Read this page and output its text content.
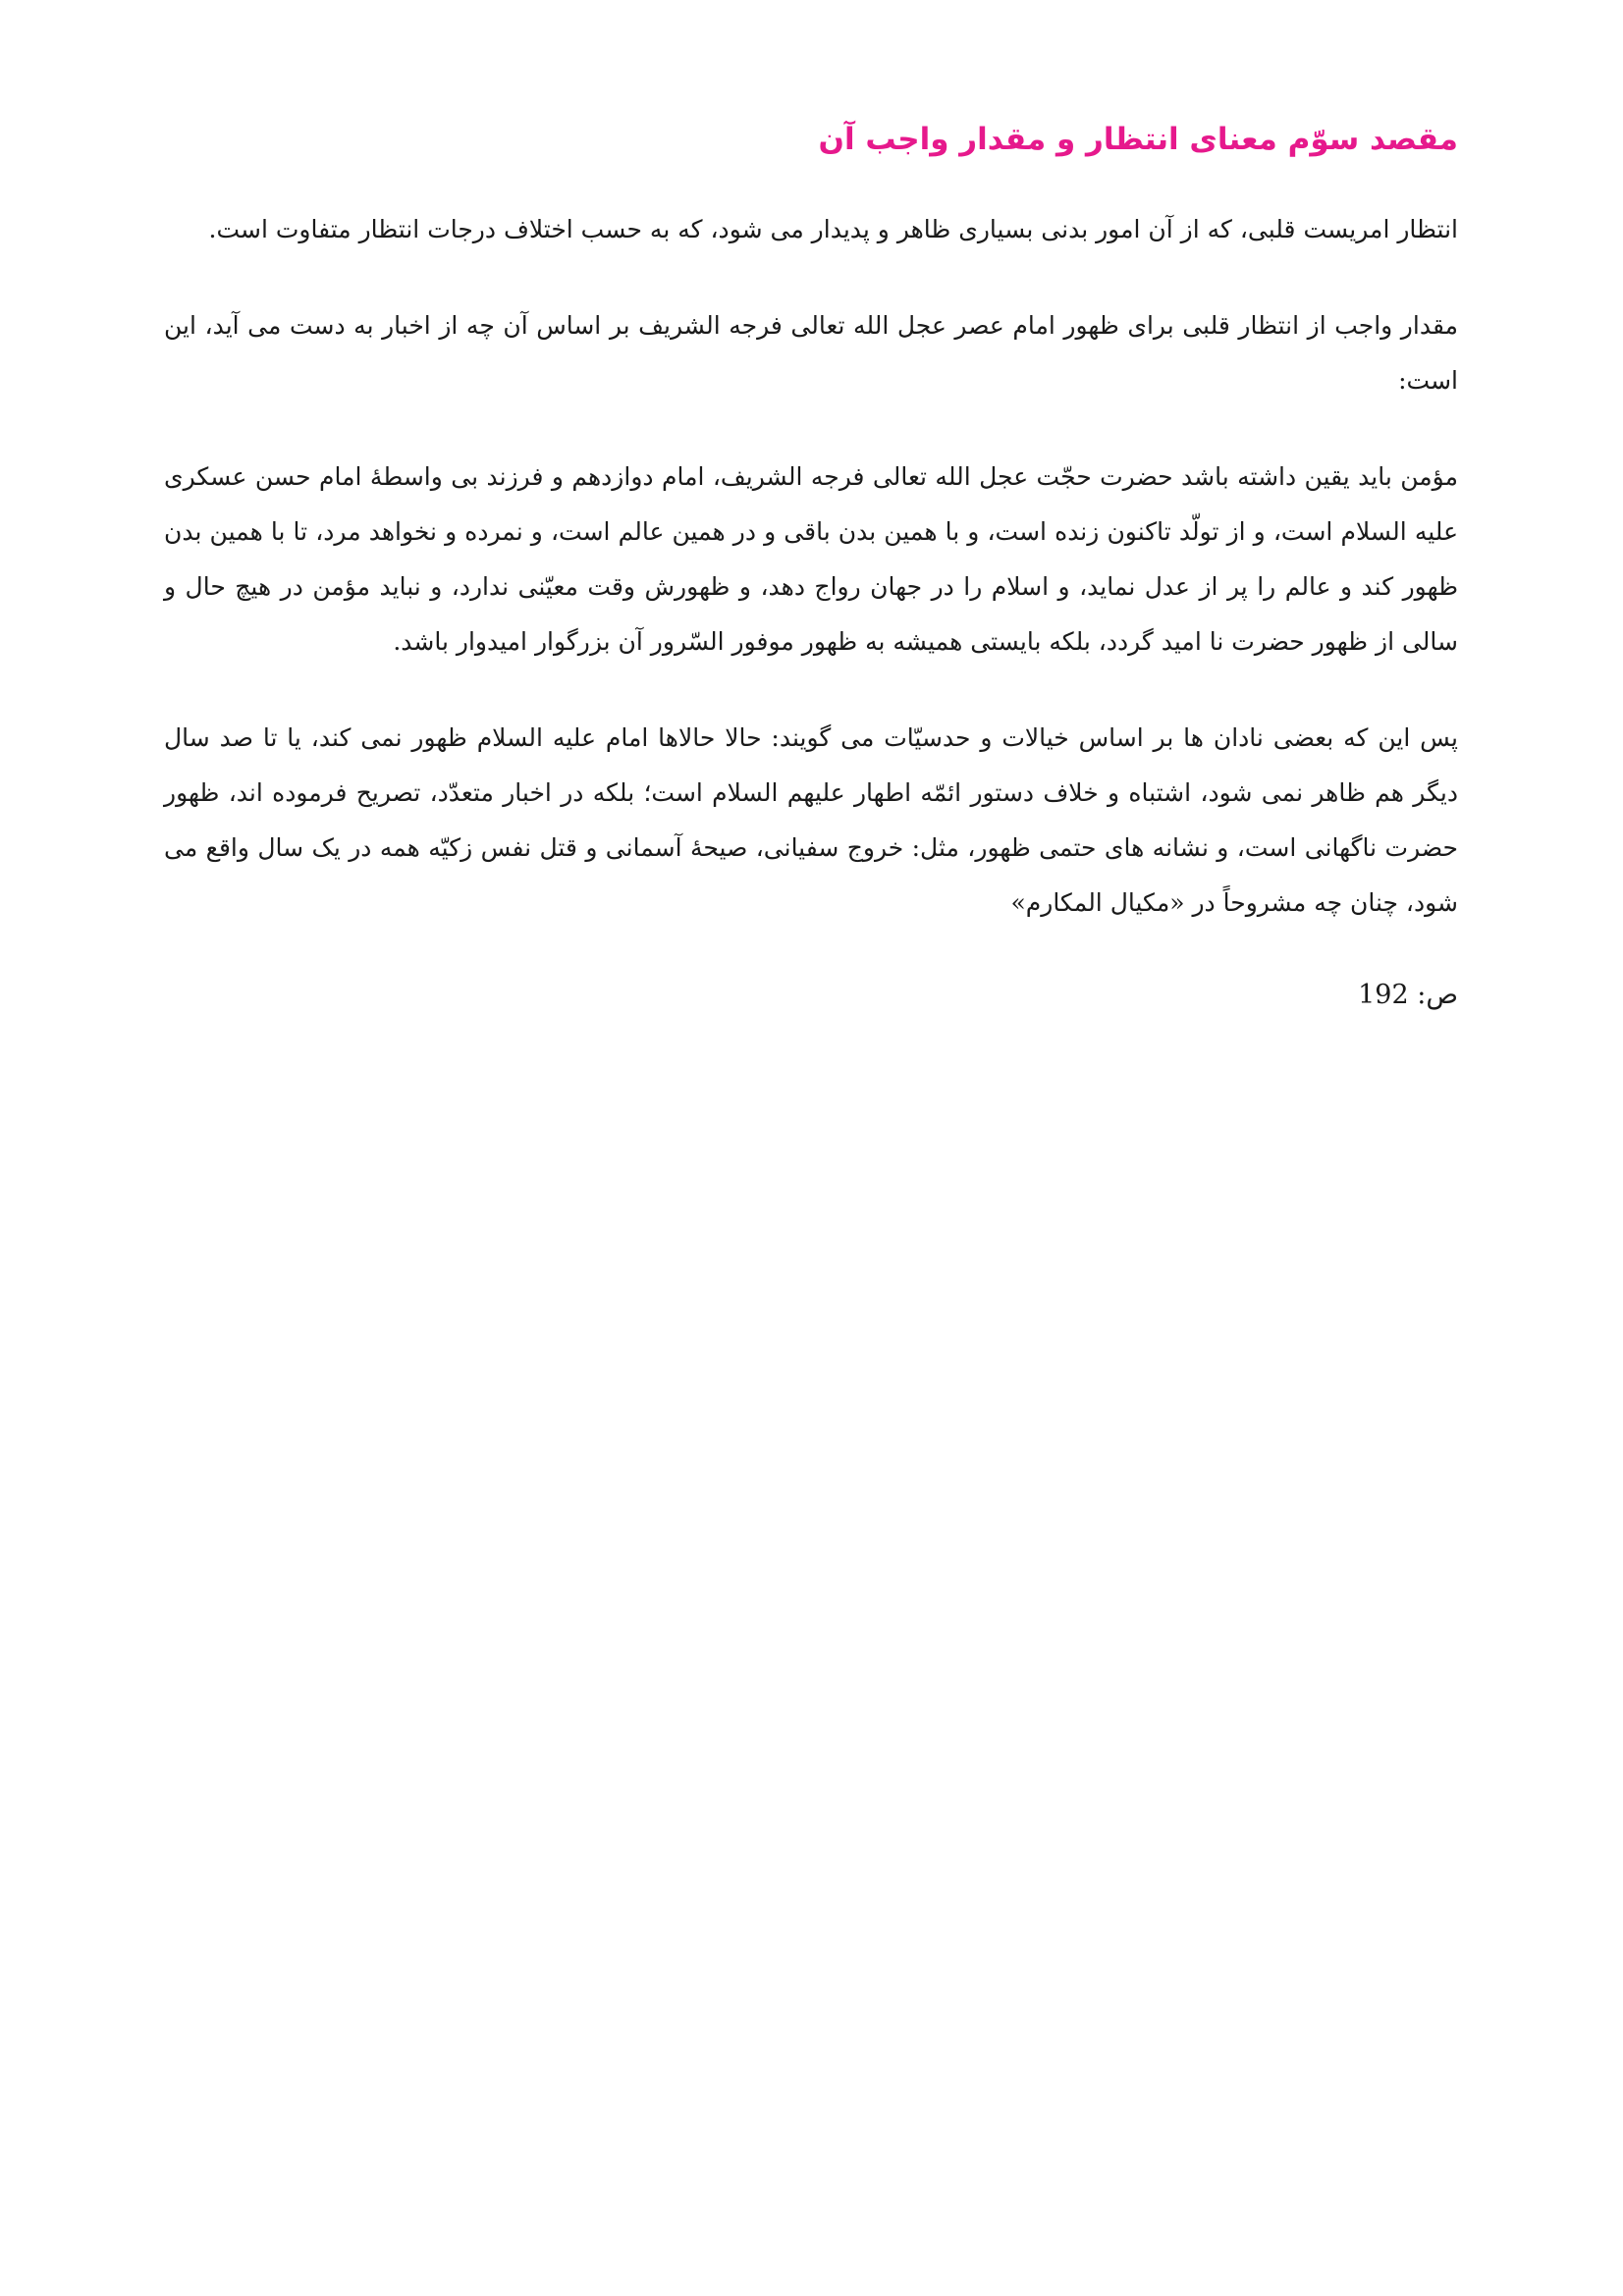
مقصد سوّم معنای انتظار و مقدار واجب آن

انتظار امریست قلبی، که از آن امور بدنی بسیاری ظاهر و پدیدار می شود، که به حسب اختلاف درجات انتظار متفاوت است.

مقدار واجب از انتظار قلبی برای ظهور امام عصر عجل الله تعالی فرجه الشریف بر اساس آن چه از اخبار به دست می آید، این است:

مؤمن باید یقین داشته باشد حضرت حجّت عجل الله تعالی فرجه الشریف، امام دوازدهم و فرزند بی واسطهٔ امام حسن عسکری علیه السلام است، و از تولّد تاکنون زنده است، و با همین بدن باقی و در همین عالم است، و نمرده و نخواهد مرد، تا با همین بدن ظهور کند و عالم را پر از عدل نماید، و اسلام را در جهان رواج دهد، و ظهورش وقت معیّنی ندارد، و نباید مؤمن در هیچ حال و سالی از ظهور حضرت نا امید گردد، بلکه بایستی همیشه به ظهور موفور السّرور آن بزرگوار امیدوار باشد.

پس این که بعضی نادان ها بر اساس خیالات و حدسیّات می گویند: حالا حالاها امام علیه السلام ظهور نمی کند، یا تا صد سال دیگر هم ظاهر نمی شود، اشتباه و خلاف دستور ائمّه اطهار علیهم السلام است؛ بلکه در اخبار متعدّد، تصریح فرموده اند، ظهور حضرت ناگهانی است، و نشانه های حتمی ظهور، مثل: خروج سفیانی، صیحهٔ آسمانی و قتل نفس زکیّه همه در یک سال واقع می شود، چنان چه مشروحاً در «مکیال المکارم»

ص: 192
